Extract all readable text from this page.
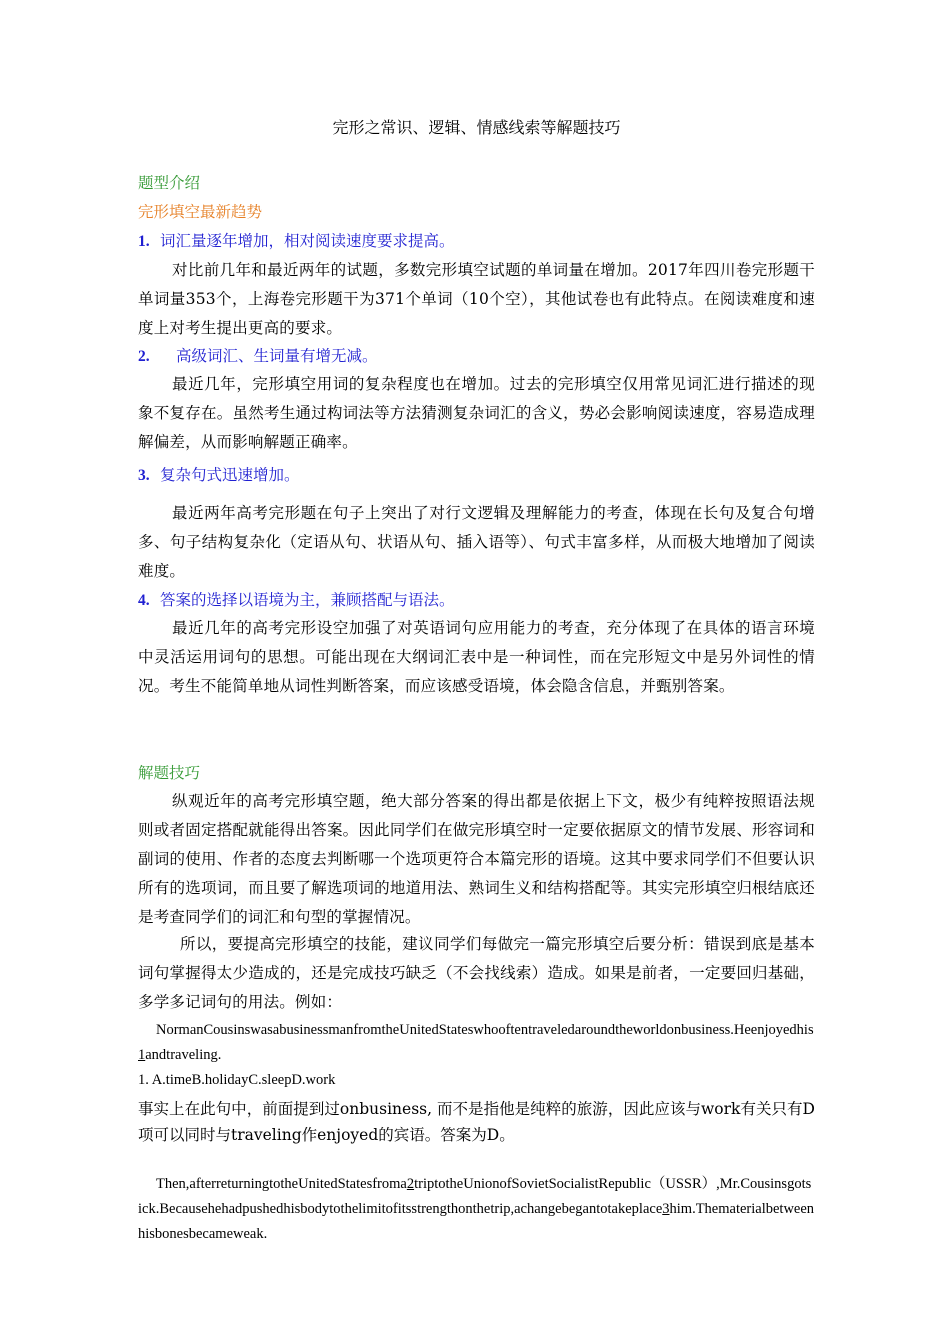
完形之常识、逻辑、情感线索等解题技巧
题型介绍
完形填空最新趋势
1. 词汇量逐年增加，相对阅读速度要求提高。
对比前几年和最近两年的试题，多数完形填空试题的单词量在增加。2017年四川卷完形题干单词量353个，上海卷完形题干为371个单词（10个空），其他试卷也有此特点。在阅读难度和速度上对考生提出更高的要求。
2. 高级词汇、生词量有增无减。
最近几年，完形填空用词的复杂程度也在增加。过去的完形填空仅用常见词汇进行描述的现象不复存在。虽然考生通过构词法等方法猜测复杂词汇的含义，势必会影响阅读速度，容易造成理解偏差，从而影响解题正确率。
3. 复杂句式迅速增加。
最近两年高考完形题在句子上突出了对行文逻辑及理解能力的考查，体现在长句及复合句增多、句子结构复杂化（定语从句、状语从句、插入语等）、句式丰富多样，从而极大地增加了阅读难度。
4. 答案的选择以语境为主，兼顾搭配与语法。
最近几年的高考完形设空加强了对英语词句应用能力的考查，充分体现了在具体的语言环境中灵活运用词句的思想。可能出现在大纲词汇表中是一种词性，而在完形短文中是另外词性的情况。考生不能简单地从词性判断答案，而应该感受语境，体会隐含信息，并甄别答案。
解题技巧
纵观近年的高考完形填空题，绝大部分答案的得出都是依据上下文，极少有纯粹按照语法规则或者固定搭配就能得出答案。因此同学们在做完形填空时一定要依据原文的情节发展、形容词和副词的使用、作者的态度去判断哪一个选项更符合本篇完形的语境。这其中要求同学们不但要认识所有的选项词，而且要了解选项词的地道用法、熟词生义和结构搭配等。其实完形填空归根结底还是考查同学们的词汇和句型的掌握情况。
所以，要提高完形填空的技能，建议同学们每做完一篇完形填空后要分析：错误到底是基本词句掌握得太少造成的，还是完成技巧缺乏（不会找线索）造成。如果是前者，一定要回归基础，多学多记词句的用法。例如：
NormanCousinswasabusinessmanfromtheUnitedStateswhooftentraveledaroundtheworldonbusiness.Heenjoyedhis1andtraveling.
1. A.timeB.holidayC.sleepD.work
事实上在此句中，前面提到过onbusiness, 而不是指他是纯粹的旅游，因此应该与work有关只有D项可以同时与traveling作enjoyed的宾语。答案为D。
Then,afterreturningtotheUnitedStatesfroma2triptotheUnionofSovietSocialistRepublic（USSR）,Mr.Cousinsgotsick.Becausehehadpushedhisbodytothelimitofitsstrengthonthetrip,achangebegantotakeplace3him.Thematerialbetweenhisbonesbecameweak.
